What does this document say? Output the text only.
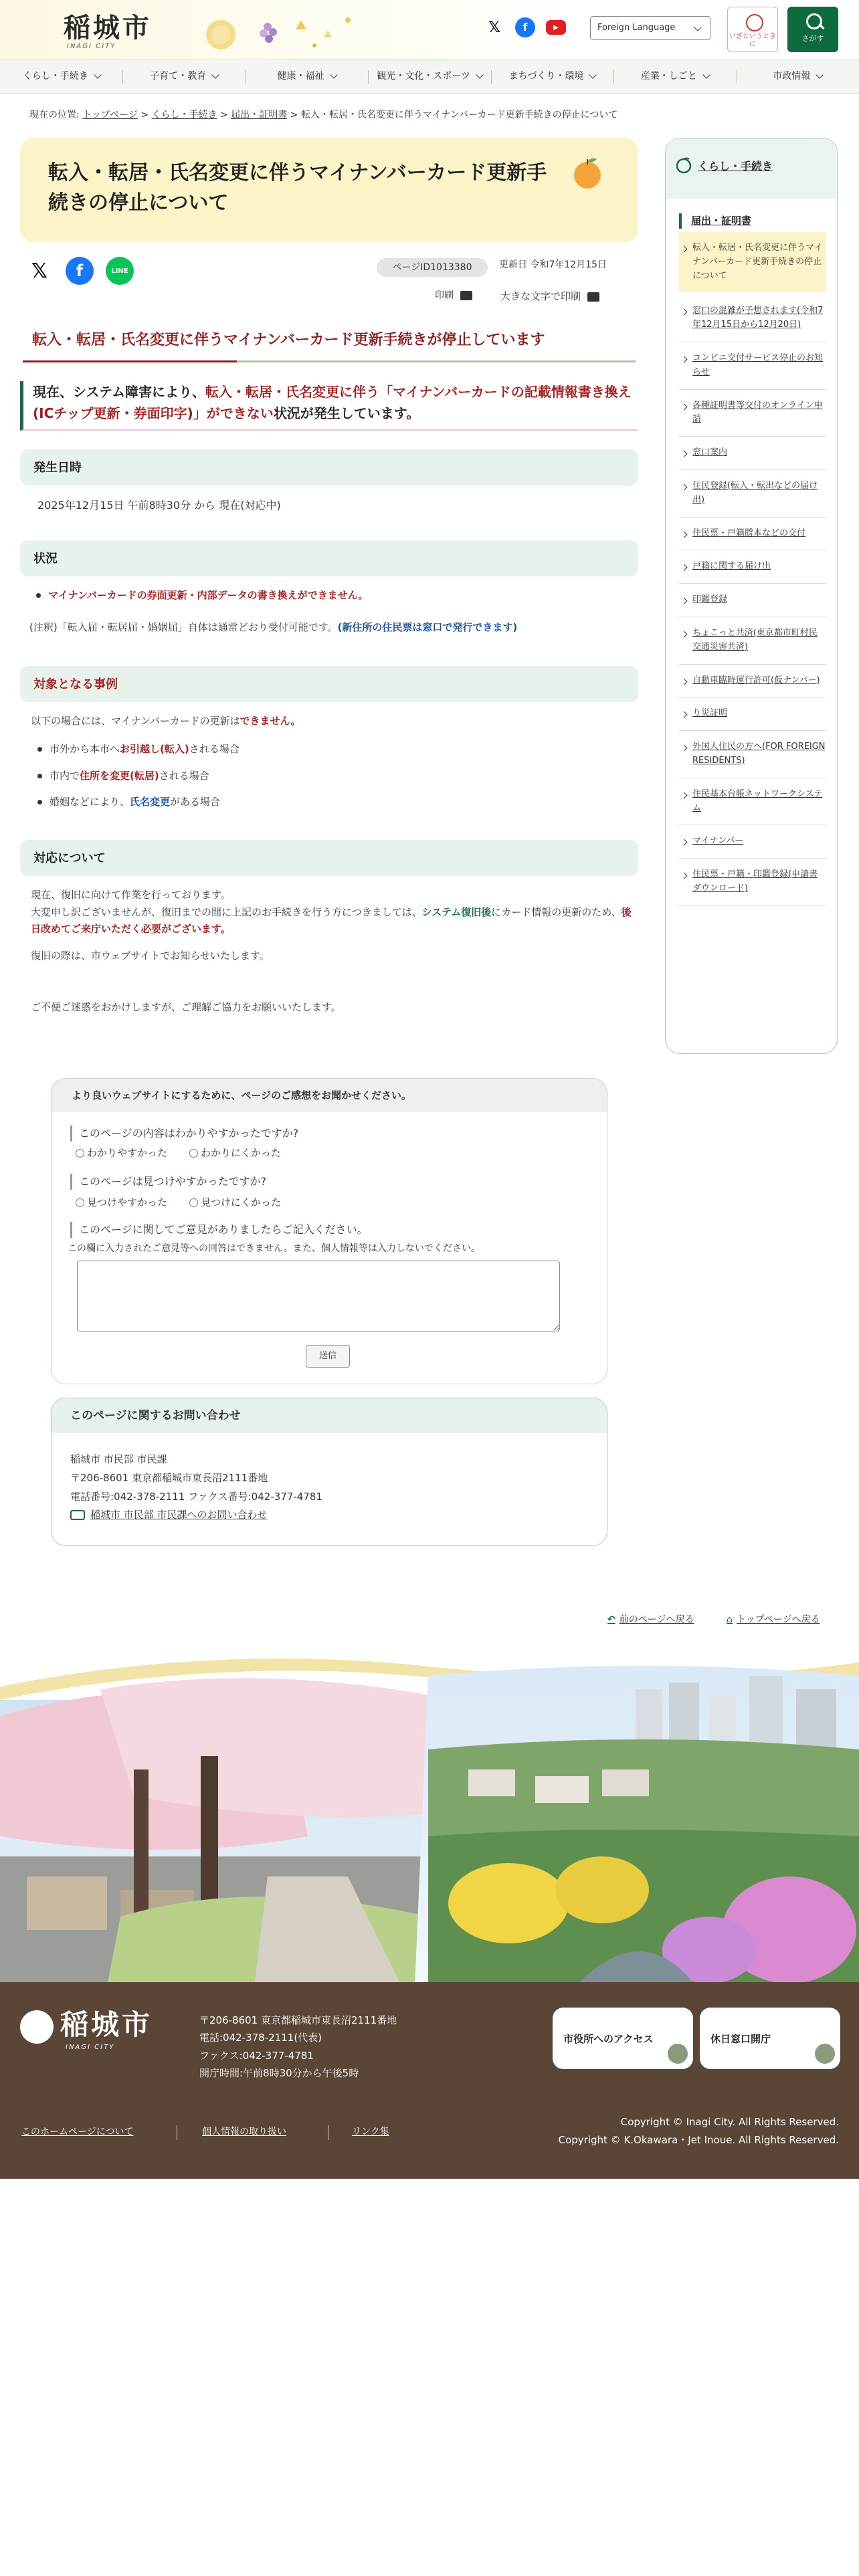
稲城市
INAGI CITY
𝕏	f	▶	Foreign Language
いざというときに
さがす
くらし・手続き	子育て・教育	健康・福祉	観光・文化・スポーツ	まちづくり・環境	産業・しごと	市政情報
現在の位置: トップページ > くらし・手続き > 届出・証明書 > 転入・転居・氏名変更に伴うマイナンバーカード更新手続きの停止について
転入・転居・氏名変更に伴うマイナンバーカード更新手続きの停止について
𝕏	f	LINE	ページID1013380	更新日 令和7年12月15日
印刷	大きな文字で印刷
転入・転居・氏名変更に伴うマイナンバーカード更新手続きが停止しています
現在、システム障害により、転入・転居・氏名変更に伴う「マイナンバーカードの記載情報書き換え(ICチップ更新・券面印字)」ができない状況が発生しています。
発生日時
2025年12月15日 午前8時30分 から 現在(対応中)
状況
マイナンバーカードの券面更新・内部データの書き換えができません。
(注釈)「転入届・転居届・婚姻届」自体は通常どおり受付可能です。(新住所の住民票は窓口で発行できます)
対象となる事例
以下の場合には、マイナンバーカードの更新はできません。
市外から本市へお引越し(転入)される場合
市内で住所を変更(転居)される場合
婚姻などにより、氏名変更がある場合
対応について
現在、復旧に向けて作業を行っております。
大変申し訳ございませんが、復旧までの間に上記のお手続きを行う方につきましては、システム復旧後にカード情報の更新のため、後日改めてご来庁いただく必要がございます。
復旧の際は、市ウェブサイトでお知らせいたします。
ご不便ご迷惑をおかけしますが、ご理解ご協力をお願いいたします。
くらし・手続き
届出・証明書
転入・転居・氏名変更に伴うマイナンバーカード更新手続きの停止について
窓口の混雑が予想されます(令和7年12月15日から12月20日)
コンビニ交付サービス停止のお知らせ
各種証明書等交付のオンライン申請
窓口案内
住民登録(転入・転出などの届け出)
住民票・戸籍謄本などの交付
戸籍に関する届け出
印鑑登録
ちょこっと共済(東京都市町村民 交通災害共済)
自動車臨時運行許可(仮ナンバー)
り災証明
外国人住民の方へ(FOR FOREIGN RESIDENTS)
住民基本台帳ネットワークシステム
マイナンバー
住民票・戸籍・印鑑登録(申請書ダウンロード)
より良いウェブサイトにするために、ページのご感想をお聞かせください。
このページの内容はわかりやすかったですか?
わかりやすかった	わかりにくかった
このページは見つけやすかったですか?
見つけやすかった	見つけにくかった
このページに関してご意見がありましたらご記入ください。
この欄に入力されたご意見等への回答はできません。また、個人情報等は入力しないでください。
送信
このページに関するお問い合わせ
稲城市 市民部 市民課
〒206-8601 東京都稲城市東長沼2111番地
電話番号:042-378-2111 ファクス番号:042-377-4781
稲城市 市民部 市民課へのお問い合わせ
↶ 前のページへ戻る	⌂ トップページへ戻る
稲城市
INAGI CITY
〒206-8601 東京都稲城市東長沼2111番地
電話:042-378-2111(代表)
ファクス:042-377-4781
開庁時間:午前8時30分から午後5時
市役所へのアクセス	休日窓口開庁
このホームページについて	個人情報の取り扱い	リンク集
Copyright © Inagi City. All Rights Reserved.
Copyright © K.Okawara・Jet Inoue. All Rights Reserved.
